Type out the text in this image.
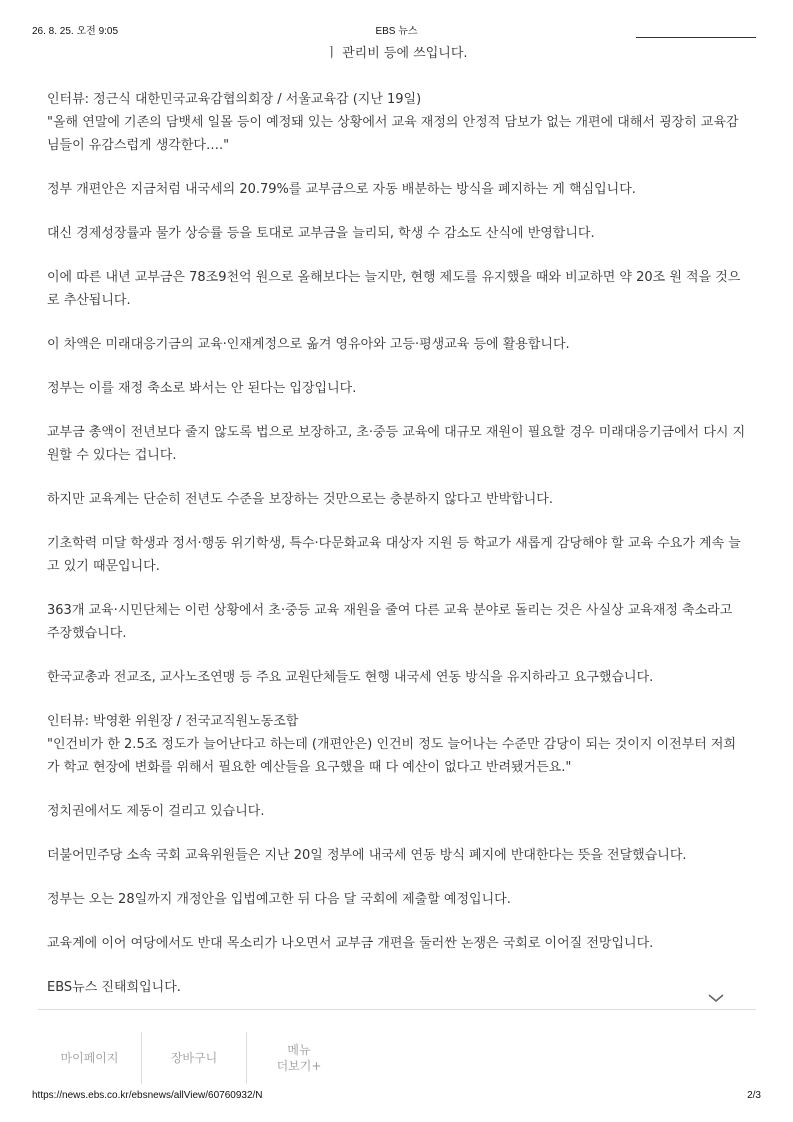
26. 8. 25. 오전 9:05	EBS 뉴스
ㅣ 관리비 등에 쓰입니다.

인터뷰: 정근식 대한민국교육감협의회장 / 서울교육감 (지난 19일)
"올해 연말에 기존의 담뱃세 일몰 등이 예정돼 있는 상황에서 교육 재정의 안정적 담보가 없는 개편에 대해서 굉장히 교육감님들이 유감스럽게 생각한다…."

정부 개편안은 지금처럼 내국세의 20.79%를 교부금으로 자동 배분하는 방식을 폐지하는 게 핵심입니다.

대신 경제성장률과 물가 상승률 등을 토대로 교부금을 늘리되, 학생 수 감소도 산식에 반영합니다.

이에 따른 내년 교부금은 78조9천억 원으로 올해보다는 늘지만, 현행 제도를 유지했을 때와 비교하면 약 20조 원 적을 것으로 추산됩니다.

이 차액은 미래대응기금의 교육·인재계정으로 옮겨 영유아와 고등·평생교육 등에 활용합니다.

정부는 이를 재정 축소로 봐서는 안 된다는 입장입니다.

교부금 총액이 전년보다 줄지 않도록 법으로 보장하고, 초·중등 교육에 대규모 재원이 필요할 경우 미래대응기금에서 다시 지원할 수 있다는 겁니다.

하지만 교육계는 단순히 전년도 수준을 보장하는 것만으로는 충분하지 않다고 반박합니다.

기초학력 미달 학생과 정서·행동 위기학생, 특수·다문화교육 대상자 지원 등 학교가 새롭게 감당해야 할 교육 수요가 계속 늘고 있기 때문입니다.

363개 교육·시민단체는 이런 상황에서 초·중등 교육 재원을 줄여 다른 교육 분야로 돌리는 것은 사실상 교육재정 축소라고 주장했습니다.

한국교총과 전교조, 교사노조연맹 등 주요 교원단체들도 현행 내국세 연동 방식을 유지하라고 요구했습니다.

인터뷰: 박영환 위원장 / 전국교직원노동조합
"인건비가 한 2.5조 정도가 늘어난다고 하는데 (개편안은) 인건비 정도 늘어나는 수준만 감당이 되는 것이지 이전부터 저희가 학교 현장에 변화를 위해서 필요한 예산들을 요구했을 때 다 예산이 없다고 반려됐거든요."

정치권에서도 제동이 걸리고 있습니다.

더불어민주당 소속 국회 교육위원들은 지난 20일 정부에 내국세 연동 방식 폐지에 반대한다는 뜻을 전달했습니다.

정부는 오는 28일까지 개정안을 입법예고한 뒤 다음 달 국회에 제출할 예정입니다.

교육계에 이어 여당에서도 반대 목소리가 나오면서 교부금 개편을 둘러싼 논쟁은 국회로 이어질 전망입니다.

EBS뉴스 진태희입니다.

마이페이지	장바구니
메뉴
더보기+
https://news.ebs.co.kr/ebsnews/allView/60760932/N	2/3
